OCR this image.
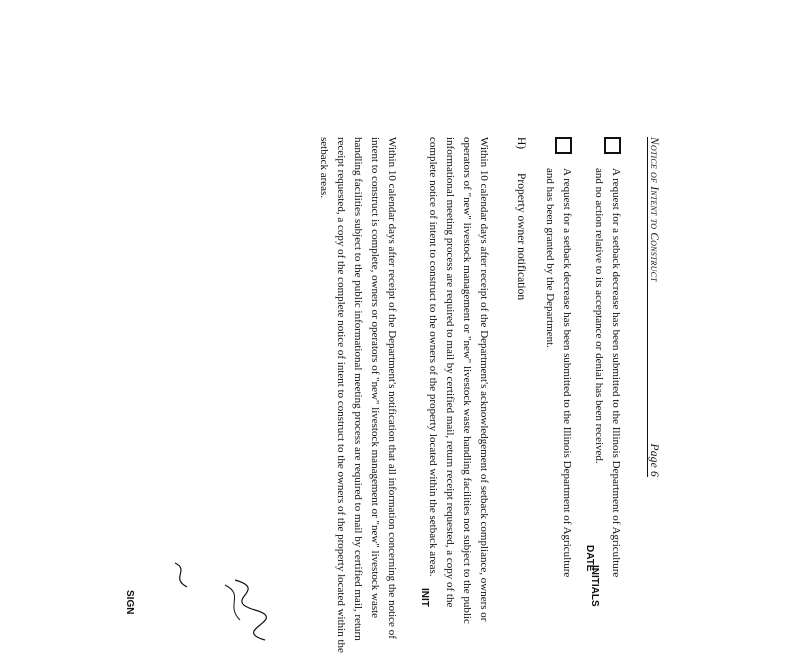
Notice of Intent to Construct
Page 6
A request for a setback decrease has been submitted to the Illinois Department of Agriculture and no action relative to its acceptance or denial has been received.
A request for a setback decrease has been submitted to the Illinois Department of Agriculture and has been granted by the Department.
H)
Property owner notification
Within 10 calendar days after receipt of the Department's acknowledgement of setback compliance, owners or operators of "new" livestock management or "new" livestock waste handling facilities not subject to the public informational meeting process are required to mail by certified mail, return receipt requested, a copy of the complete notice of intent to construct to the owners of the property located within the setback areas.
Within 10 calendar days after receipt of the Department's notification that all information concerning the notice of intent to construct is complete, owners or operators of "new" livestock management or "new" livestock waste handling facilities subject to the public informational meeting process are required to mail by certified mail, return receipt requested, a copy of the complete notice of intent to construct to the owners of the property located within the setback areas.
INITIALS
DATE
INIT
SIGN
